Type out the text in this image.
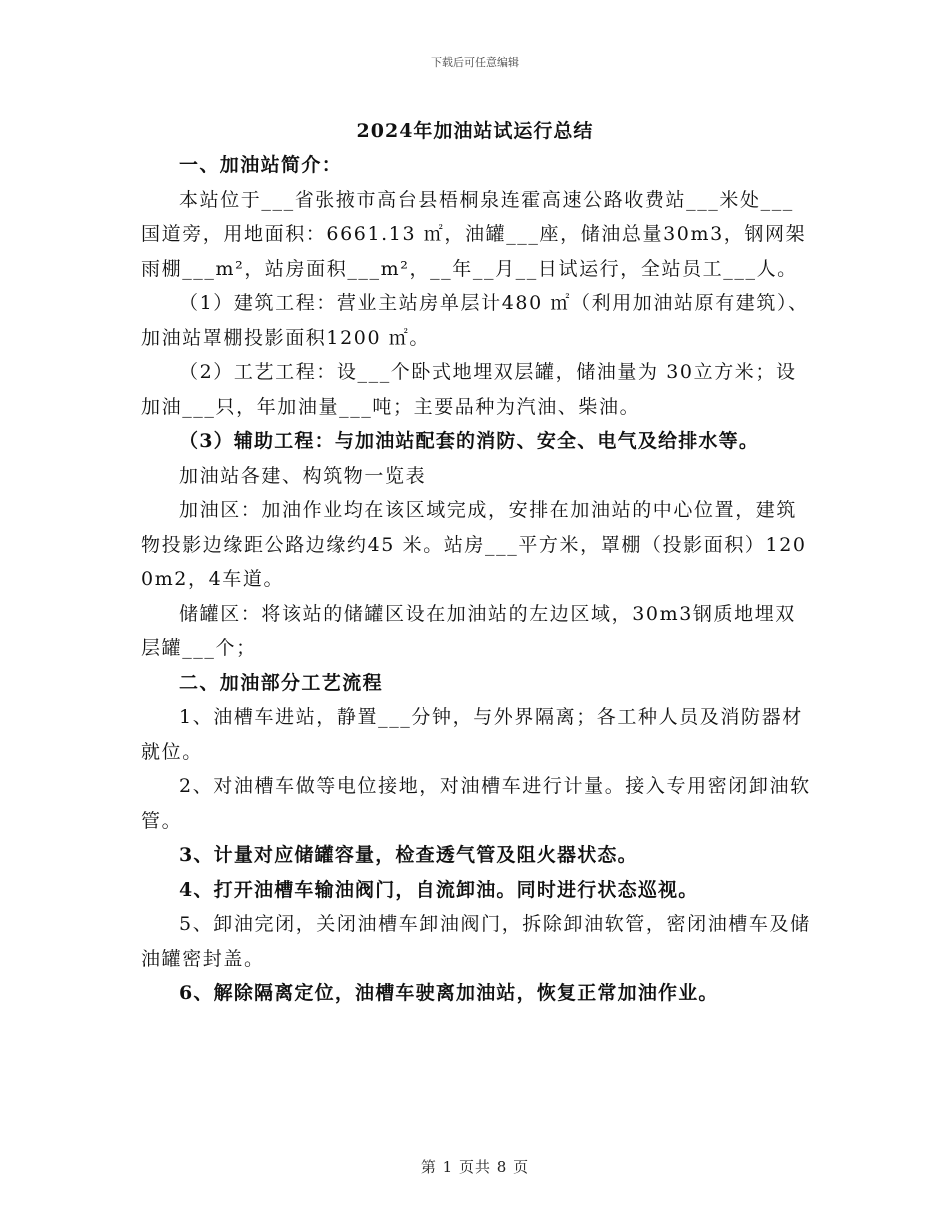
下载后可任意编辑
2024年加油站试运行总结

一、加油站简介：

本站位于___省张掖市高台县梧桐泉连霍高速公路收费站___米处___国道旁，用地面积：6661.13 ㎡，油罐___座，储油总量30m3，钢网架雨棚___m²，站房面积___m²，__年__月__日试运行，全站员工___人。

（1）建筑工程：营业主站房单层计480 ㎡（利用加油站原有建筑）、加油站罩棚投影面积1200 ㎡。

（2）工艺工程：设___个卧式地埋双层罐，储油量为 30立方米；设加油___只，年加油量___吨；主要品种为汽油、柴油。

（3）辅助工程：与加油站配套的消防、安全、电气及给排水等。

加油站各建、构筑物一览表

加油区：加油作业均在该区域完成，安排在加油站的中心位置，建筑物投影边缘距公路边缘约45 米。站房___平方米，罩棚（投影面积）1200m2，4车道。

储罐区：将该站的储罐区设在加油站的左边区域，30m3钢质地埋双层罐___个；

二、加油部分工艺流程

1、油槽车进站，静置___分钟，与外界隔离；各工种人员及消防器材就位。

2、对油槽车做等电位接地，对油槽车进行计量。接入专用密闭卸油软管。

3、计量对应储罐容量，检查透气管及阻火器状态。

4、打开油槽车输油阀门，自流卸油。同时进行状态巡视。

5、卸油完闭，关闭油槽车卸油阀门，拆除卸油软管，密闭油槽车及储油罐密封盖。

6、解除隔离定位，油槽车驶离加油站，恢复正常加油作业。

第 1 页共 8 页
